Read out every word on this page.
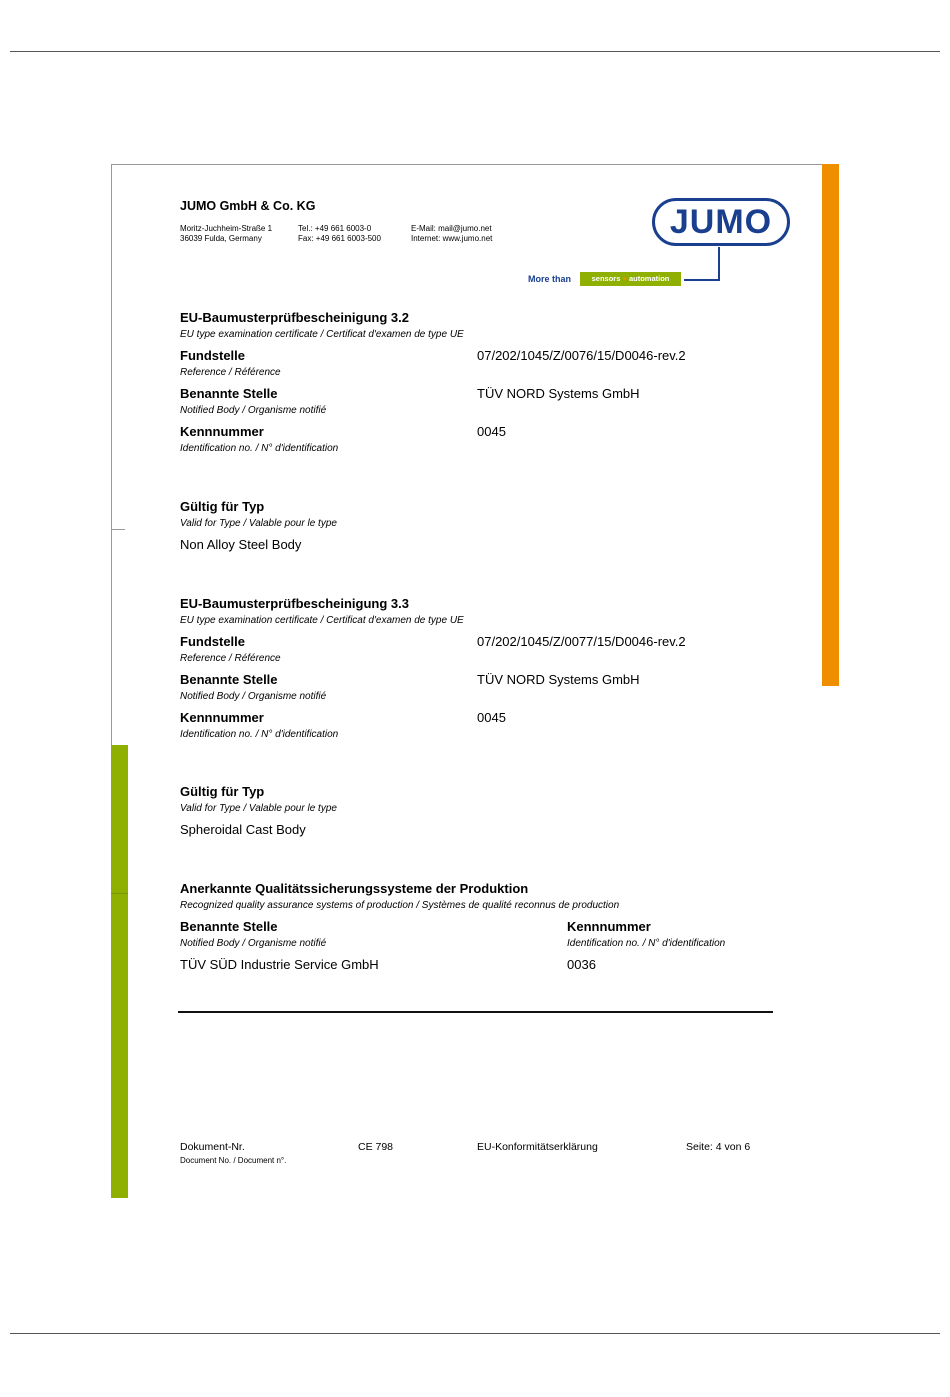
JUMO GmbH & Co. KG
Moritz-Juchheim-Straße 1
36039 Fulda, Germany
Tel.: +49 661 6003-0
Fax: +49 661 6003-500
E-Mail: mail@jumo.net
Internet: www.jumo.net	JUMO
More than	sensors + automation
EU-Baumusterprüfbescheinigung 3.2
EU type examination certificate / Certificat d'examen de type UE
Fundstelle
Reference / Référence
07/202/1045/Z/0076/15/D0046-rev.2
Benannte Stelle
Notified Body / Organisme notifié
TÜV NORD Systems GmbH
Kennnummer
Identification no. / N° d'identification
0045
Gültig für Typ
Valid for Type / Valable pour le type
Non Alloy Steel Body
EU-Baumusterprüfbescheinigung 3.3
EU type examination certificate / Certificat d'examen de type UE
Fundstelle
Reference / Référence
07/202/1045/Z/0077/15/D0046-rev.2
Benannte Stelle
Notified Body / Organisme notifié
TÜV NORD Systems GmbH
Kennnummer
Identification no. / N° d'identification
0045
Gültig für Typ
Valid for Type / Valable pour le type
Spheroidal Cast Body
Anerkannte Qualitätssicherungssysteme der Produktion
Recognized quality assurance systems of production / Systèmes de qualité reconnus de production
Benannte Stelle
Notified Body / Organisme notifié
TÜV SÜD Industrie Service GmbH
Kennnummer
Identification no. / N° d'identification
0036
Dokument-Nr.
Document No. / Document n°.
CE 798	EU-Konformitätserklärung	Seite: 4 von 6
